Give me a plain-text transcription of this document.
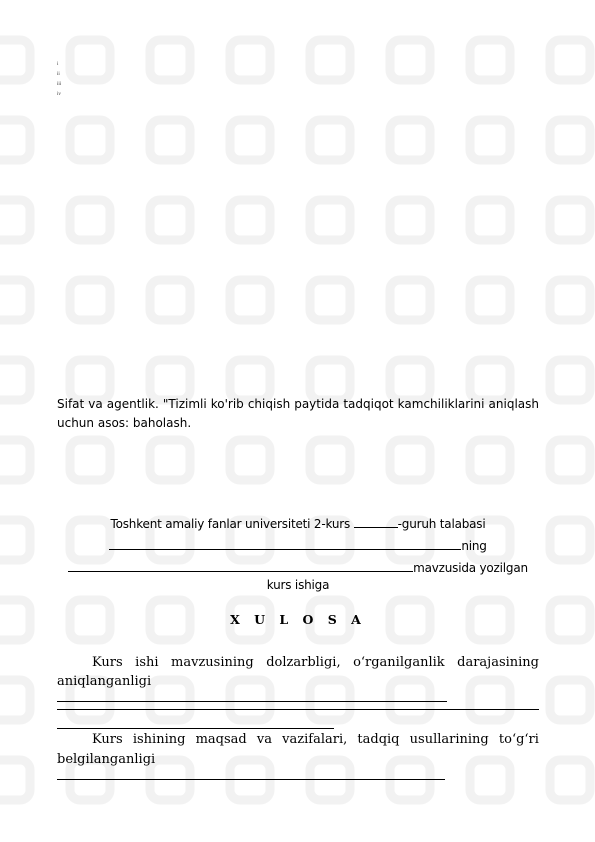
i
ii
iii
iv

Sifat va agentlik. "Tizimli ko'rib chiqish paytida tadqiqot kamchiliklarini aniqlash uchun asos: baholash.

Toshkent amaliy fanlar universiteti 2-kurs	-guruh talabasi
ning
mavzusida yozilgan
kurs ishiga
X U L O S A
Kurs ishi mavzusining dolzarbligi, o‘rganilganlik darajasining
aniqlanganligi
Kurs ishining maqsad va vazifalari, tadqiq usullarining to‘g‘ri
belgilanganligi
